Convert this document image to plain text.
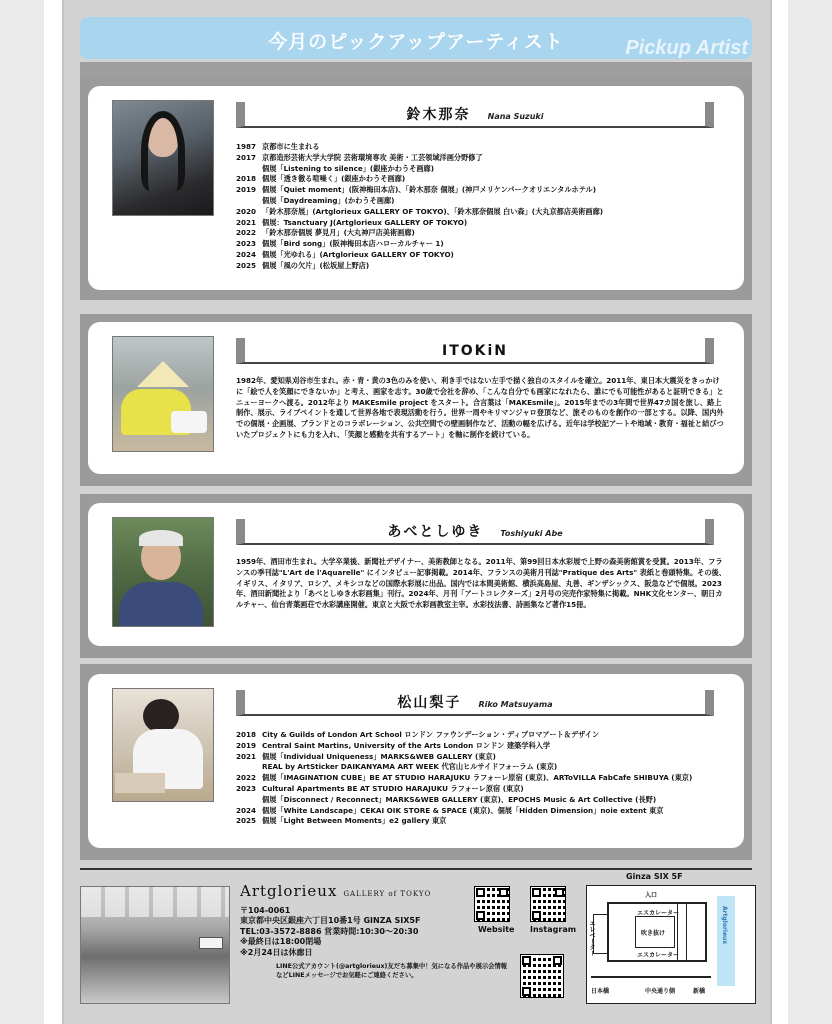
今月のピックアップアーティスト	Pickup Artist
鈴木那奈 Nana Suzuki
1987 京都市に生まれる
2017 京都造形芸術大学大学院 芸術環境専攻 美術・工芸領域洋画分野修了
個展「Listening to silence」(銀座かわうそ画廊)
2018 個展「透き徹る喧噪く」(銀座かわうそ画廊)
2019 個展「Quiet moment」(阪神梅田本店)、「鈴木那奈 個展」(神戸メリケンパークオリエンタルホテル)
個展「Daydreaming」(かわうそ画廊)
2020 「鈴木那奈展」(Artglorieux GALLERY OF TOKYO)、「鈴木那奈個展 白い森」(大丸京都店美術画廊)
2021 個展：Tsanctuary J(Artglorieux GALLERY OF TOKYO)
2022 「鈴木那奈個展 夢見月」(大丸神戸店美術画廊)
2023 個展「Bird song」(阪神梅田本店ハローカルチャー 1)
2024 個展「光ゆれる」(Artglorieux GALLERY OF TOKYO)
2025 個展「風の欠片」(松坂屋上野店)
ITOKiN
1982年、愛知県刈谷市生まれ。赤・青・黄の3色のみを使い、利き手ではない左手で描く独自のスタイルを確立。2011年、東日本大震災をきっかけに「絵で人を笑顔にできないか」と考え、画家を志す。30歳で会社を辞め、「こんな自分でも画家になれたら、誰にでも可能性があると証明できる」とニューヨークへ渡る。2012年より MAKEsmile project をスタート。合言葉は「MAKEsmile」。2015年までの3年間で世界47カ国を旅し、路上制作、展示、ライブペイントを通して世界各地で表現活動を行う。世界一周やキリマンジャロ登頂など、旅そのものを創作の一部とする。以降、国内外での個展・企画展、ブランドとのコラボレーション、公共空間での壁画制作など、活動の幅を広げる。近年は学校記アートや地域・教育・福祉と結びついたプロジェクトにも力を入れ、「笑顔と感動を共有するアート」を軸に制作を続けている。
あべとしゆき Toshiyuki Abe
1959年、酒田市生まれ。大学卒業後、新聞社デザイナー、美術教師となる。2011年、第99回日本水彩展で上野の森美術館賞を受賞。2013年、フランスの季刊誌"L'Art de l'Aquarelle" にインタビュー記事掲載。2014年、フランスの美術月刊誌"Pratique des Arts" 表紙と巻頭特集。その後、イギリス、イタリア、ロシア、メキシコなどの国際水彩展に出品。国内では本間美術館、横浜高島屋、丸善、ギンザシックス、阪急などで個展。2023年、酒田新聞社より「あべとしゆき水彩画集」刊行。2024年、月刊「アートコレクターズ」2月号の完売作家特集に掲載。NHK文化センター、朝日カルチャー、仙台青葉画荘で水彩講座開催。東京と大阪で水彩画教室主宰。水彩技法書、詩画集など著作15冊。
松山梨子 Riko Matsuyama
2018 City & Guilds of London Art School ロンドン ファウンデーション・ディプロマアート＆デザイン
2019 Central Saint Martins, University of the Arts London ロンドン 建築学科入学
2021 個展「Individual Uniqueness」MARKS&WEB GALLERY (東京)
REAL by ArtSticker DAIKANYAMA ART WEEK 代官山ヒルサイドフォーラム (東京)
2022 個展「IMAGINATION CUBE」BE AT STUDIO HARAJUKU ラフォーレ原宿 (東京)、ARToVILLA FabCafe SHIBUYA (東京)
2023 Cultural Apartments BE AT STUDIO HARAJUKU ラフォーレ原宿 (東京)
個展「Disconnect / Reconnect」MARKS&WEB GALLERY (東京)、EPOCHS Music & Art Collective (長野)
2024 個展「White Landscape」CEKAI OIK STORE & SPACE (東京)、個展「Hidden Dimension」noie extent 東京
2025 個展「Light Between Moments」e2 gallery 東京
Artglorieux GALLERY of TOKYO
〒104-0061
東京都中央区銀座六丁目10番1号 GINZA SIX5F
TEL:03-3572-8886 営業時間:10:30～20:30
※最終日は18:00閉場
※2月24日は休廊日
Website Instagram
LINE公式アカウント(@artglorieux)友だち募集中！気になる作品や展示会情報などLINEメッセージでお気軽にご連絡ください。
Ginza SIX 5F
入口
エスカレーター
吹き抜け
エスカレーター
エレベーター	Artglorieux
日本橋	中央通り側	新橋
